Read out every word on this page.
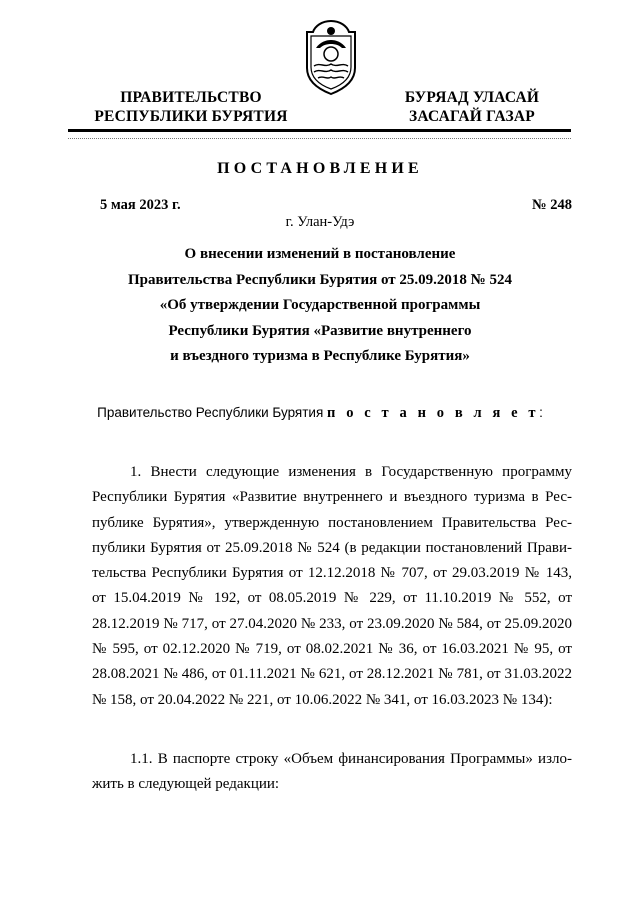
ПРАВИТЕЛЬСТВО
РЕСПУБЛИКИ БУРЯТИЯ
БУРЯАД УЛАСАЙ
ЗАСАГАЙ ГАЗАР
ПОСТАНОВЛЕНИЕ
5 мая 2023 г.	№ 248
г. Улан-Удэ
О внесении изменений в постановление
Правительства Республики Бурятия от 25.09.2018 № 524
«Об утверждении Государственной программы
Республики Бурятия «Развитие внутреннего
и въездного туризма в Республике Бурятия»
Правительство Республики Бурятия п о с т а н о в л я е т:

1. Внести следующие изменения в Государственную программу Республики Бурятия «Развитие внутреннего и въездного туризма в Республике Бурятия», утвержденную постановлением Правительства Республики Бурятия от 25.09.2018 № 524 (в редакции постановлений Правительства Республики Бурятия от 12.12.2018 № 707, от 29.03.2019 № 143, от 15.04.2019 № 192, от 08.05.2019 № 229, от 11.10.2019 № 552, от 28.12.2019 № 717, от 27.04.2020 № 233, от 23.09.2020 № 584, от 25.09.2020 № 595, от 02.12.2020 № 719, от 08.02.2021 № 36, от 16.03.2021 № 95, от 28.08.2021 № 486, от 01.11.2021 № 621, от 28.12.2021 № 781, от 31.03.2022 № 158, от 20.04.2022 № 221, от 10.06.2022 № 341, от 16.03.2023 № 134):

1.1. В паспорте строку «Объем финансирования Программы» изложить в следующей редакции:
